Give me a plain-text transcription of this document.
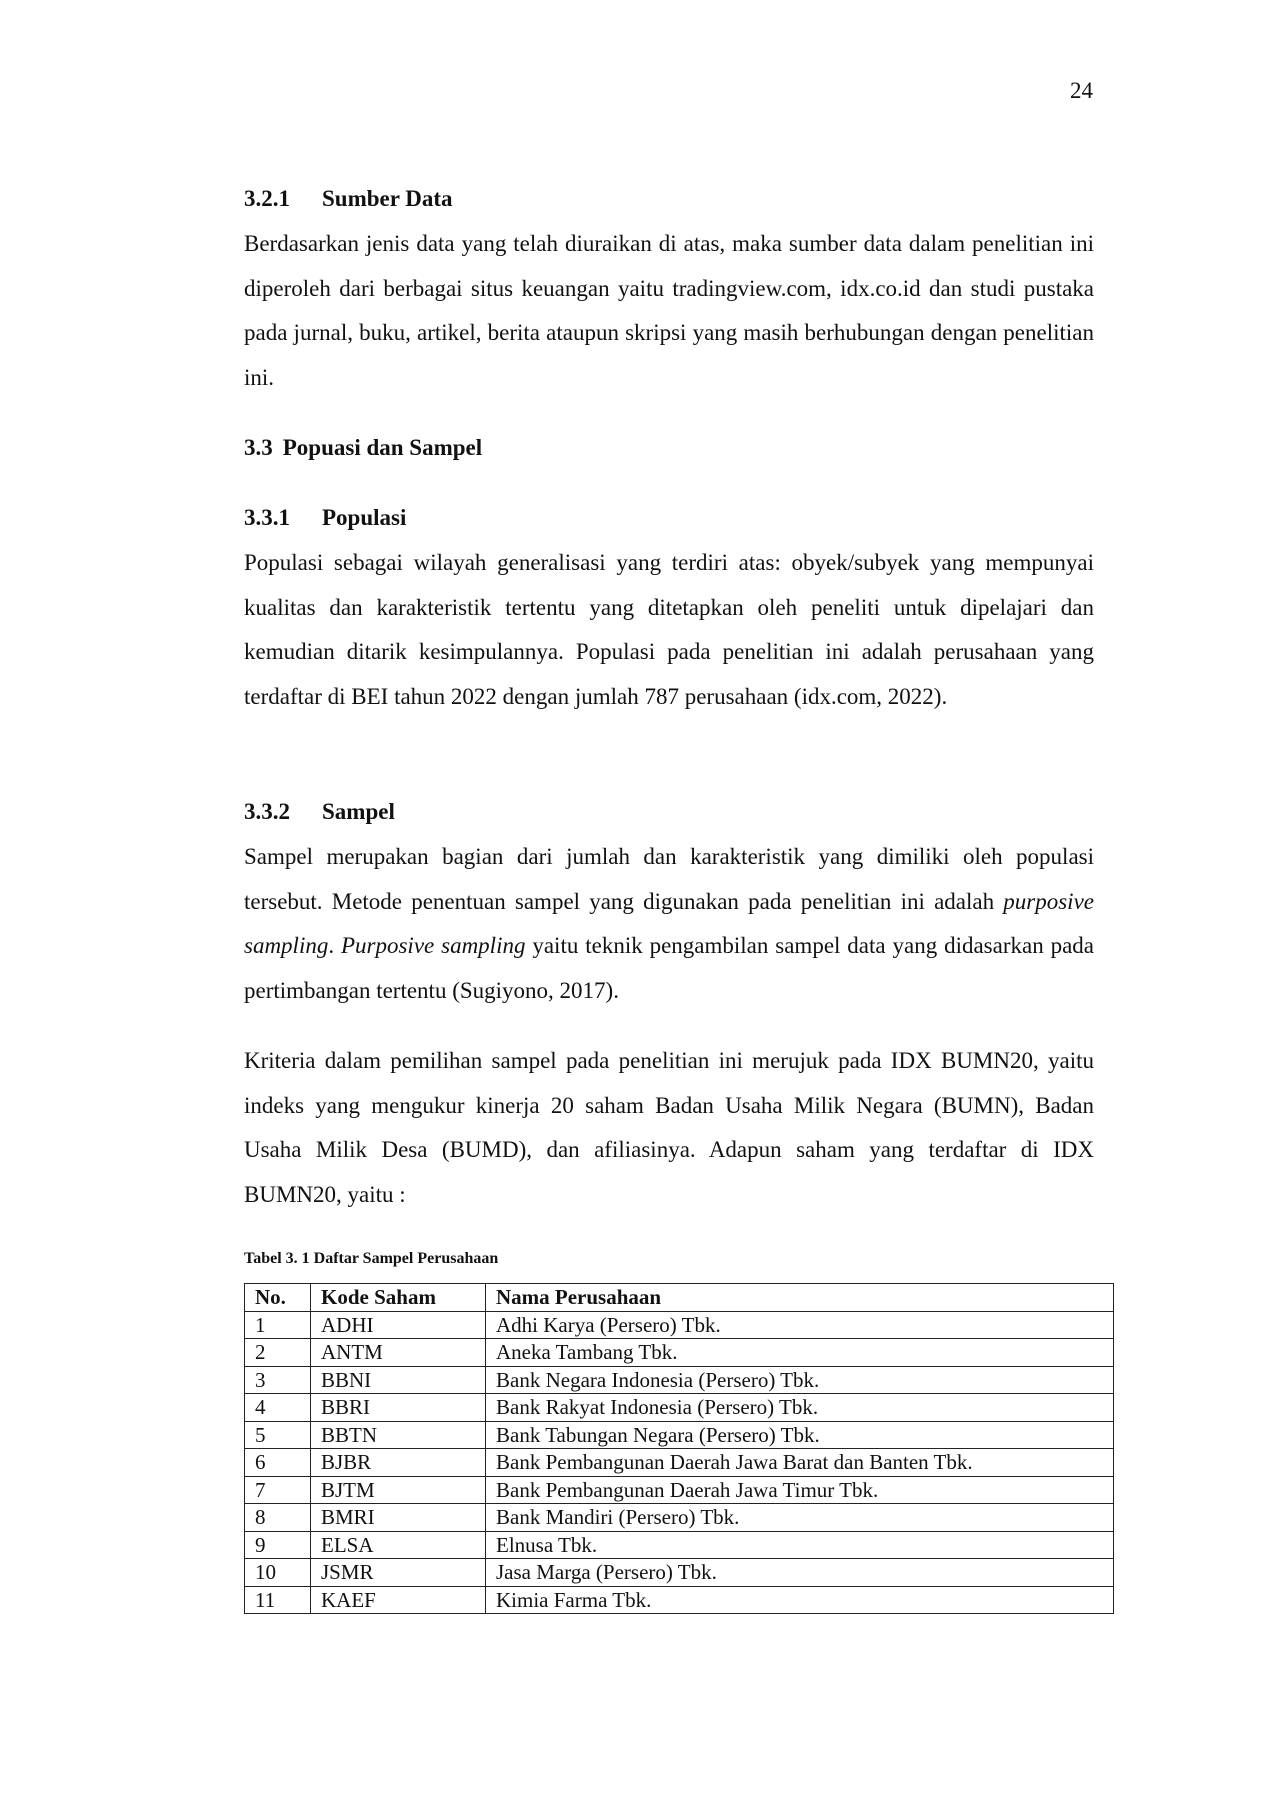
24
3.2.1 Sumber Data
Berdasarkan jenis data yang telah diuraikan di atas, maka sumber data dalam penelitian ini diperoleh dari berbagai situs keuangan yaitu tradingview.com, idx.co.id dan studi pustaka pada jurnal, buku, artikel, berita ataupun skripsi yang masih berhubungan dengan penelitian ini.
3.3 Popuasi dan Sampel
3.3.1 Populasi
Populasi sebagai wilayah generalisasi yang terdiri atas: obyek/subyek yang mempunyai kualitas dan karakteristik tertentu yang ditetapkan oleh peneliti untuk dipelajari dan kemudian ditarik kesimpulannya. Populasi pada penelitian ini adalah perusahaan yang terdaftar di BEI tahun 2022 dengan jumlah 787 perusahaan (idx.com, 2022).
3.3.2 Sampel
Sampel merupakan bagian dari jumlah dan karakteristik yang dimiliki oleh populasi tersebut. Metode penentuan sampel yang digunakan pada penelitian ini adalah purposive sampling. Purposive sampling yaitu teknik pengambilan sampel data yang didasarkan pada pertimbangan tertentu (Sugiyono, 2017).
Kriteria dalam pemilihan sampel pada penelitian ini merujuk pada IDX BUMN20, yaitu indeks yang mengukur kinerja 20 saham Badan Usaha Milik Negara (BUMN), Badan Usaha Milik Desa (BUMD), dan afiliasinya. Adapun saham yang terdaftar di IDX BUMN20, yaitu :
Tabel 3. 1 Daftar Sampel Perusahaan
No.	Kode Saham	Nama Perusahaan
1	ADHI	Adhi Karya (Persero) Tbk.
2	ANTM	Aneka Tambang Tbk.
3	BBNI	Bank Negara Indonesia (Persero) Tbk.
4	BBRI	Bank Rakyat Indonesia (Persero) Tbk.
5	BBTN	Bank Tabungan Negara (Persero) Tbk.
6	BJBR	Bank Pembangunan Daerah Jawa Barat dan Banten Tbk.
7	BJTM	Bank Pembangunan Daerah Jawa Timur Tbk.
8	BMRI	Bank Mandiri (Persero) Tbk.
9	ELSA	Elnusa Tbk.
10	JSMR	Jasa Marga (Persero) Tbk.
11	KAEF	Kimia Farma Tbk.
